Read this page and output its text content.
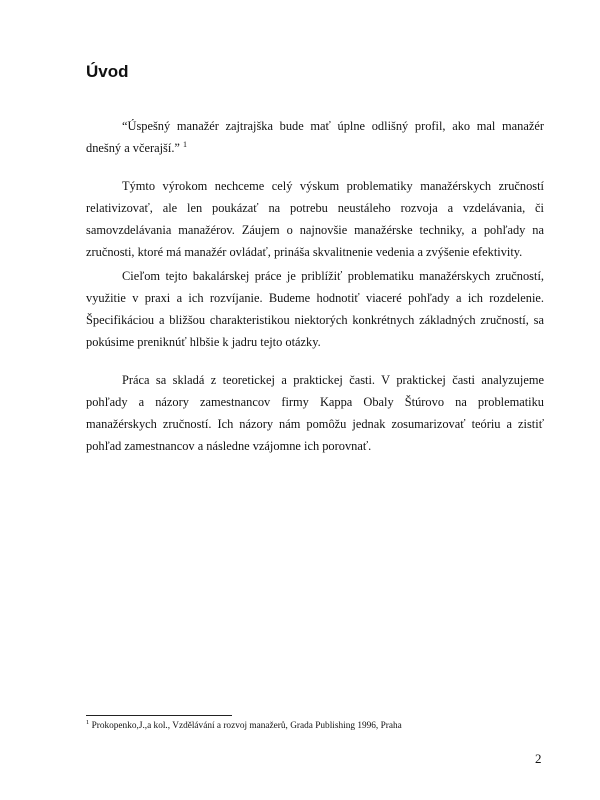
Úvod

“Úspešný manažér zajtrajška bude mať úplne odlišný profil, ako mal manažér dnešný a včerajší.” $^1$

Týmto výrokom nechceme celý výskum problematiky manažérskych zručností relativizovať, ale len poukázať na potrebu neustáleho rozvoja a vzdelávania, či samovzdelávania manažérov. Záujem o najnovšie manažérske techniky, a pohľady na zručnosti, ktoré má manažér ovládať, prináša skvalitnenie vedenia a zvýšenie efektivity.

Cieľom tejto bakalárskej práce je priblížiť problematiku manažérskych zručností, využitie v praxi a ich rozvíjanie. Budeme hodnotiť viaceré pohľady a ich rozdelenie. Špecifikáciou a bližšou charakteristikou niektorých konkrétnych základných zručností, sa pokúsime preniknúť hlbšie k jadru tejto otázky.

Práca sa skladá z teoretickej a praktickej časti. V praktickej časti analyzujeme pohľady a názory zamestnancov firmy Kappa Obaly Štúrovo na problematiku manažérskych zručností. Ich názory nám pomôžu jednak zosumarizovať teóriu a zistiť pohľad zamestnancov a následne vzájomne ich porovnať.

$^1$ Prokopenko,J.,a kol., Vzdělávání a rozvoj manažerů, Grada Publishing 1996, Praha

2
